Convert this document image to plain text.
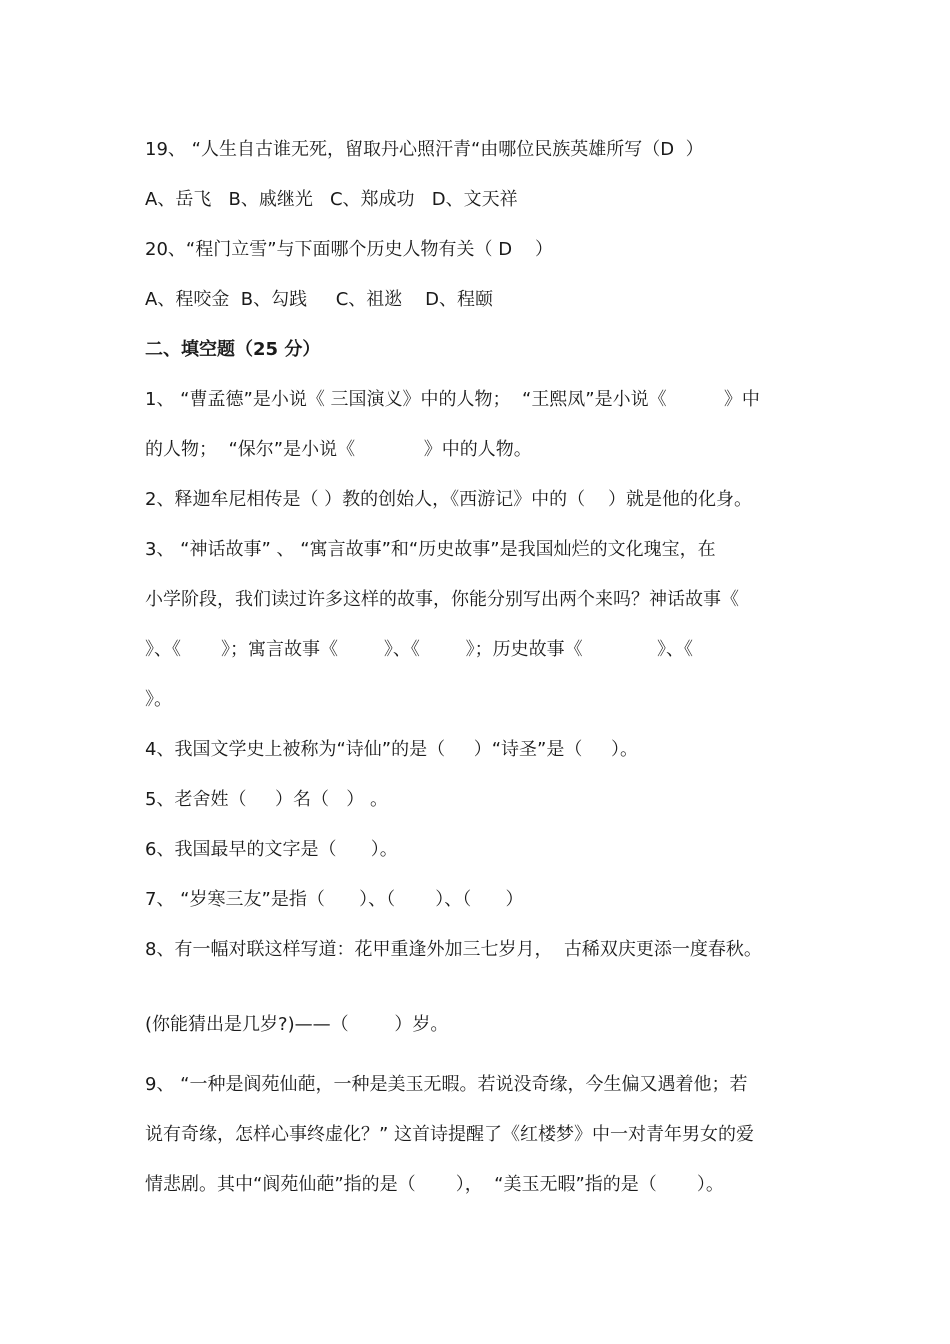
19、 “人生自古谁无死，留取丹心照汗青“由哪位民族英雄所写（D  ）

A、岳飞   B、戚继光   C、郑成功   D、文天祥

20、“程门立雪”与下面哪个历史人物有关（ D    ）

A、程咬金  B、勾践     C、祖逖    D、程颐

二、填空题（25 分）

1、 “曹孟德”是小说《 三国演义》中的人物；  “王熙凤”是小说《          》中

的人物；  “保尔”是小说《            》中的人物。

2、释迦牟尼相传是（ ）教的创始人，《西游记》中的（    ）就是他的化身。

3、 “神话故事” 、 “寓言故事”和“历史故事”是我国灿烂的文化瑰宝，在

小学阶段，我们读过许多这样的故事，你能分别写出两个来吗？神话故事《

》、《       》；寓言故事《        》、《        》；历史故事《             》、《

》。

4、我国文学史上被称为“诗仙”的是（     ）“诗圣”是（     ）。

5、老舍姓（     ）名（   ） 。

6、我国最早的文字是（      ）。

7、 “岁寒三友”是指（      ）、（       ）、（      ）

8、有一幅对联这样写道：花甲重逢外加三七岁月，  古稀双庆更添一度春秋。

(你能猜出是几岁?)——（        ）岁。

9、 “一种是阆苑仙葩，一种是美玉无暇。若说没奇缘，今生偏又遇着他；若

说有奇缘，怎样心事终虚化？” 这首诗提醒了《红楼梦》中一对青年男女的爱

情悲剧。其中“阆苑仙葩”指的是（       ），  “美玉无暇”指的是（       ）。
